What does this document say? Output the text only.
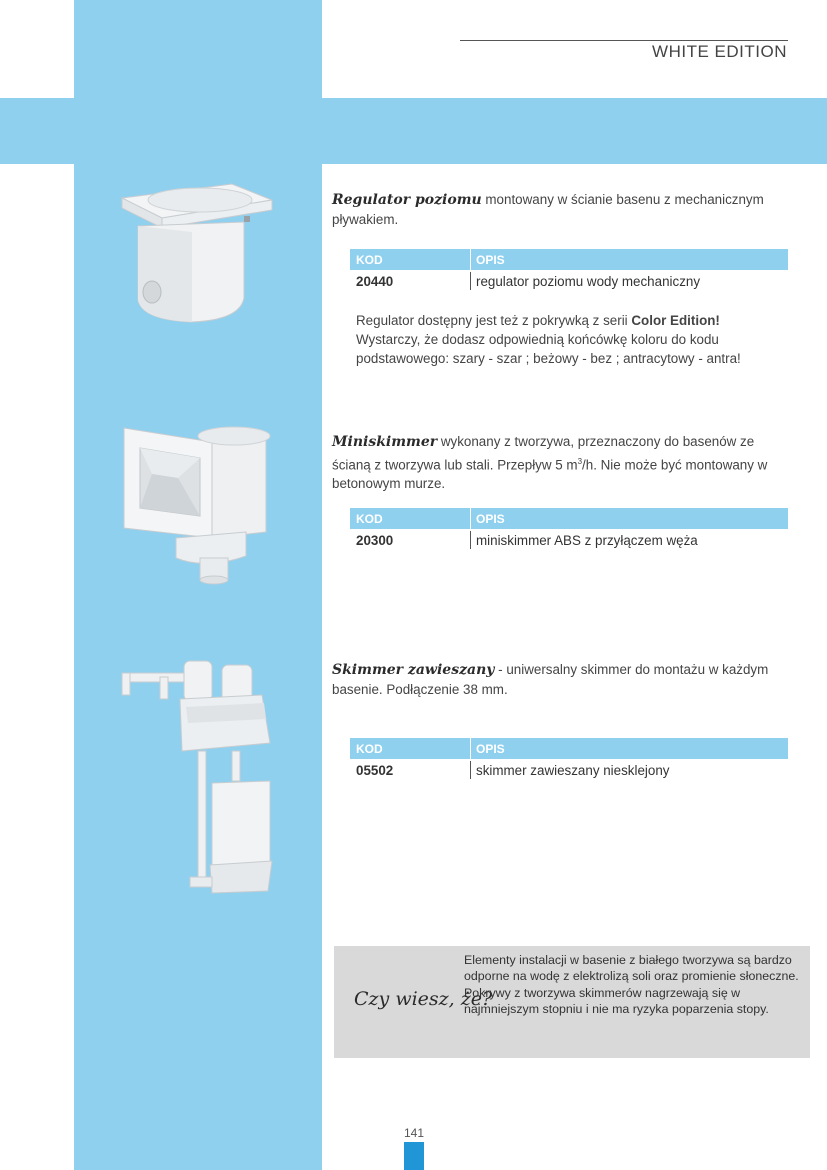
WHITE EDITION
Regulator poziomu montowany w ścianie basenu z mechanicznym pływakiem.
KOD	OPIS
20440	regulator poziomu wody mechaniczny
Regulator dostępny jest też z pokrywką z serii Color Edition! Wystarczy, że dodasz odpowiednią końcówkę koloru do kodu podstawowego: szary - szar ; beżowy - bez ; antracytowy - antra!
Miniskimmer wykonany z tworzywa, przeznaczony do basenów ze ścianą z tworzywa lub stali. Przepływ 5 $m^3/h$. Nie może być montowany w betonowym murze.
KOD	OPIS
20300	miniskimmer ABS z przyłączem węża
Skimmer zawieszany - uniwersalny skimmer do montażu w każdym basenie. Podłączenie 38 mm.
KOD	OPIS
05502	skimmer zawieszany niesklejony
Czy wiesz, że?
Elementy instalacji w basenie z białego tworzywa są bardzo odporne na wodę z elektrolizą soli oraz promienie słoneczne.
Pokrywy z tworzywa skimmerów nagrzewają się w najmniejszym stopniu i nie ma ryzyka poparzenia stopy.
141
